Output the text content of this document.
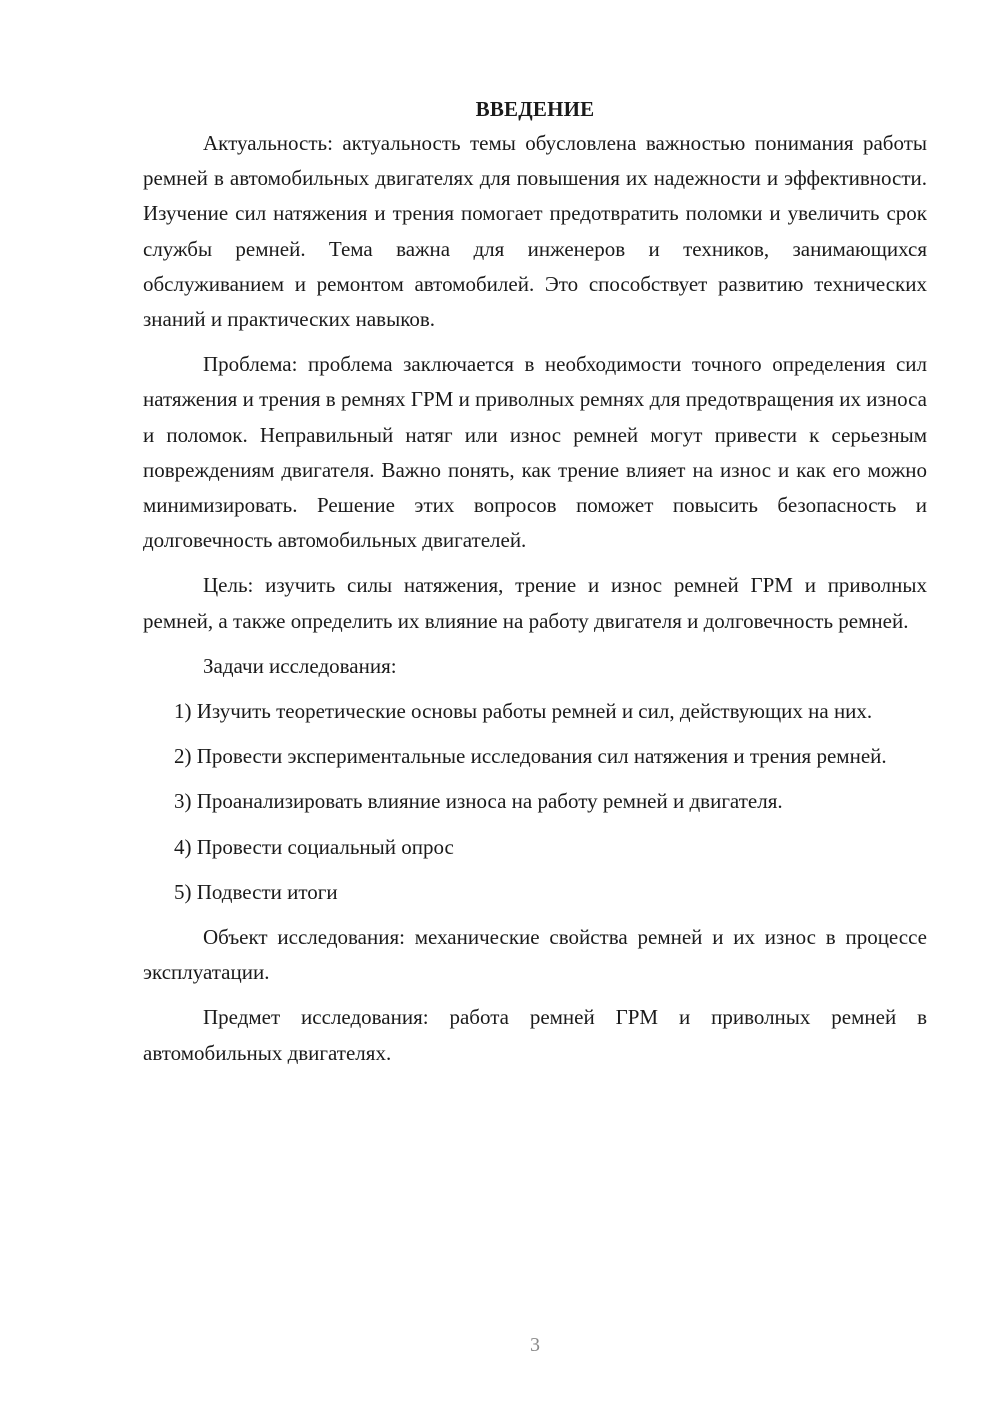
ВВЕДЕНИЕ

Актуальность: актуальность темы обусловлена важностью понимания работы ремней в автомобильных двигателях для повышения их надежности и эффективности. Изучение сил натяжения и трения помогает предотвратить поломки и увеличить срок службы ремней. Тема важна для инженеров и техников, занимающихся обслуживанием и ремонтом автомобилей. Это способствует развитию технических знаний и практических навыков.

Проблема: проблема заключается в необходимости точного определения сил натяжения и трения в ремнях ГРМ и приволных ремнях для предотвращения их износа и поломок. Неправильный натяг или износ ремней могут привести к серьезным повреждениям двигателя. Важно понять, как трение влияет на износ и как его можно минимизировать. Решение этих вопросов поможет повысить безопасность и долговечность автомобильных двигателей.

Цель: изучить силы натяжения, трение и износ ремней ГРМ и приволных ремней, а также определить их влияние на работу двигателя и долговечность ремней.

Задачи исследования:

1) Изучить теоретические основы работы ремней и сил, действующих на них.

2) Провести экспериментальные исследования сил натяжения и трения ремней.

3) Проанализировать влияние износа на работу ремней и двигателя.

4) Провести социальный опрос

5) Подвести итоги

Объект исследования: механические свойства ремней и их износ в процессе эксплуатации.

Предмет исследования: работа ремней ГРМ и приволных ремней в автомобильных двигателях.

3
